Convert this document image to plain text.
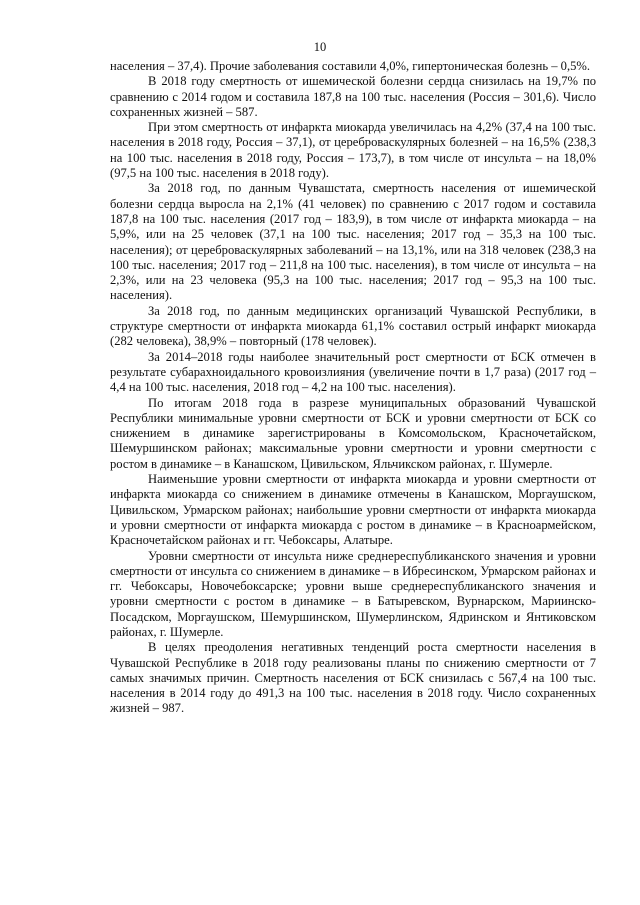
10

населения – 37,4). Прочие заболевания составили 4,0%, гипертоническая болезнь – 0,5%.

В 2018 году смертность от ишемической болезни сердца снизилась на 19,7% по сравнению с 2014 годом и составила 187,8 на 100 тыс. населения (Россия – 301,6). Число сохраненных жизней – 587.

При этом смертность от инфаркта миокарда увеличилась на 4,2% (37,4 на 100 тыс. населения в 2018 году, Россия – 37,1), от цереброваскулярных болезней – на 16,5% (238,3 на 100 тыс. населения в 2018 году, Россия – 173,7), в том числе от инсульта – на 18,0% (97,5 на 100 тыс. населения в 2018 году).

За 2018 год, по данным Чувашстата, смертность населения от ишемической болезни сердца выросла на 2,1% (41 человек) по сравнению с 2017 годом и составила 187,8 на 100 тыс. населения (2017 год – 183,9), в том числе от инфаркта миокарда – на 5,9%, или на 25 человек (37,1 на 100 тыс. населения; 2017 год – 35,3 на 100 тыс. населения); от цереброваскулярных заболеваний – на 13,1%, или на 318 человек (238,3 на 100 тыс. населения; 2017 год – 211,8 на 100 тыс. населения), в том числе от инсульта – на 2,3%, или на 23 человека (95,3 на 100 тыс. населения; 2017 год – 95,3 на 100 тыс. населения).

За 2018 год, по данным медицинских организаций Чувашской Республики, в структуре смертности от инфаркта миокарда 61,1% составил острый инфаркт миокарда (282 человека), 38,9% – повторный (178 человек).

За 2014–2018 годы наиболее значительный рост смертности от БСК отмечен в результате субарахноидального кровоизлияния (увеличение почти в 1,7 раза) (2017 год – 4,4 на 100 тыс. населения, 2018 год – 4,2 на 100 тыс. населения).

По итогам 2018 года в разрезе муниципальных образований Чувашской Республики минимальные уровни смертности от БСК и уровни смертности от БСК со снижением в динамике зарегистрированы в Комсомольском, Красночетайском, Шемуршинском районах; максимальные уровни смертности и уровни смертности с ростом в динамике – в Канашском, Цивильском, Яльчикском районах, г. Шумерле.

Наименьшие уровни смертности от инфаркта миокарда и уровни смертности от инфаркта миокарда со снижением в динамике отмечены в Канашском, Моргаушском, Цивильском, Урмарском районах; наибольшие уровни смертности от инфаркта миокарда и уровни смертности от инфаркта миокарда с ростом в динамике – в Красноармейском, Красночетайском районах и гг. Чебоксары, Алатыре.

Уровни смертности от инсульта ниже среднереспубликанского значения и уровни смертности от инсульта со снижением в динамике – в Ибресинском, Урмарском районах и гг. Чебоксары, Новочебоксарске; уровни выше среднереспубликанского значения и уровни смертности с ростом в динамике – в Батыревском, Вурнарском, Мариинско-Посадском, Моргаушском, Шемуршинском, Шумерлинском, Ядринском и Янтиковском районах, г. Шумерле.

В целях преодоления негативных тенденций роста смертности населения в Чувашской Республике в 2018 году реализованы планы по снижению смертности от 7 самых значимых причин. Смертность населения от БСК снизилась с 567,4 на 100 тыс. населения в 2014 году до 491,3 на 100 тыс. населения в 2018 году. Число сохраненных жизней – 987.
